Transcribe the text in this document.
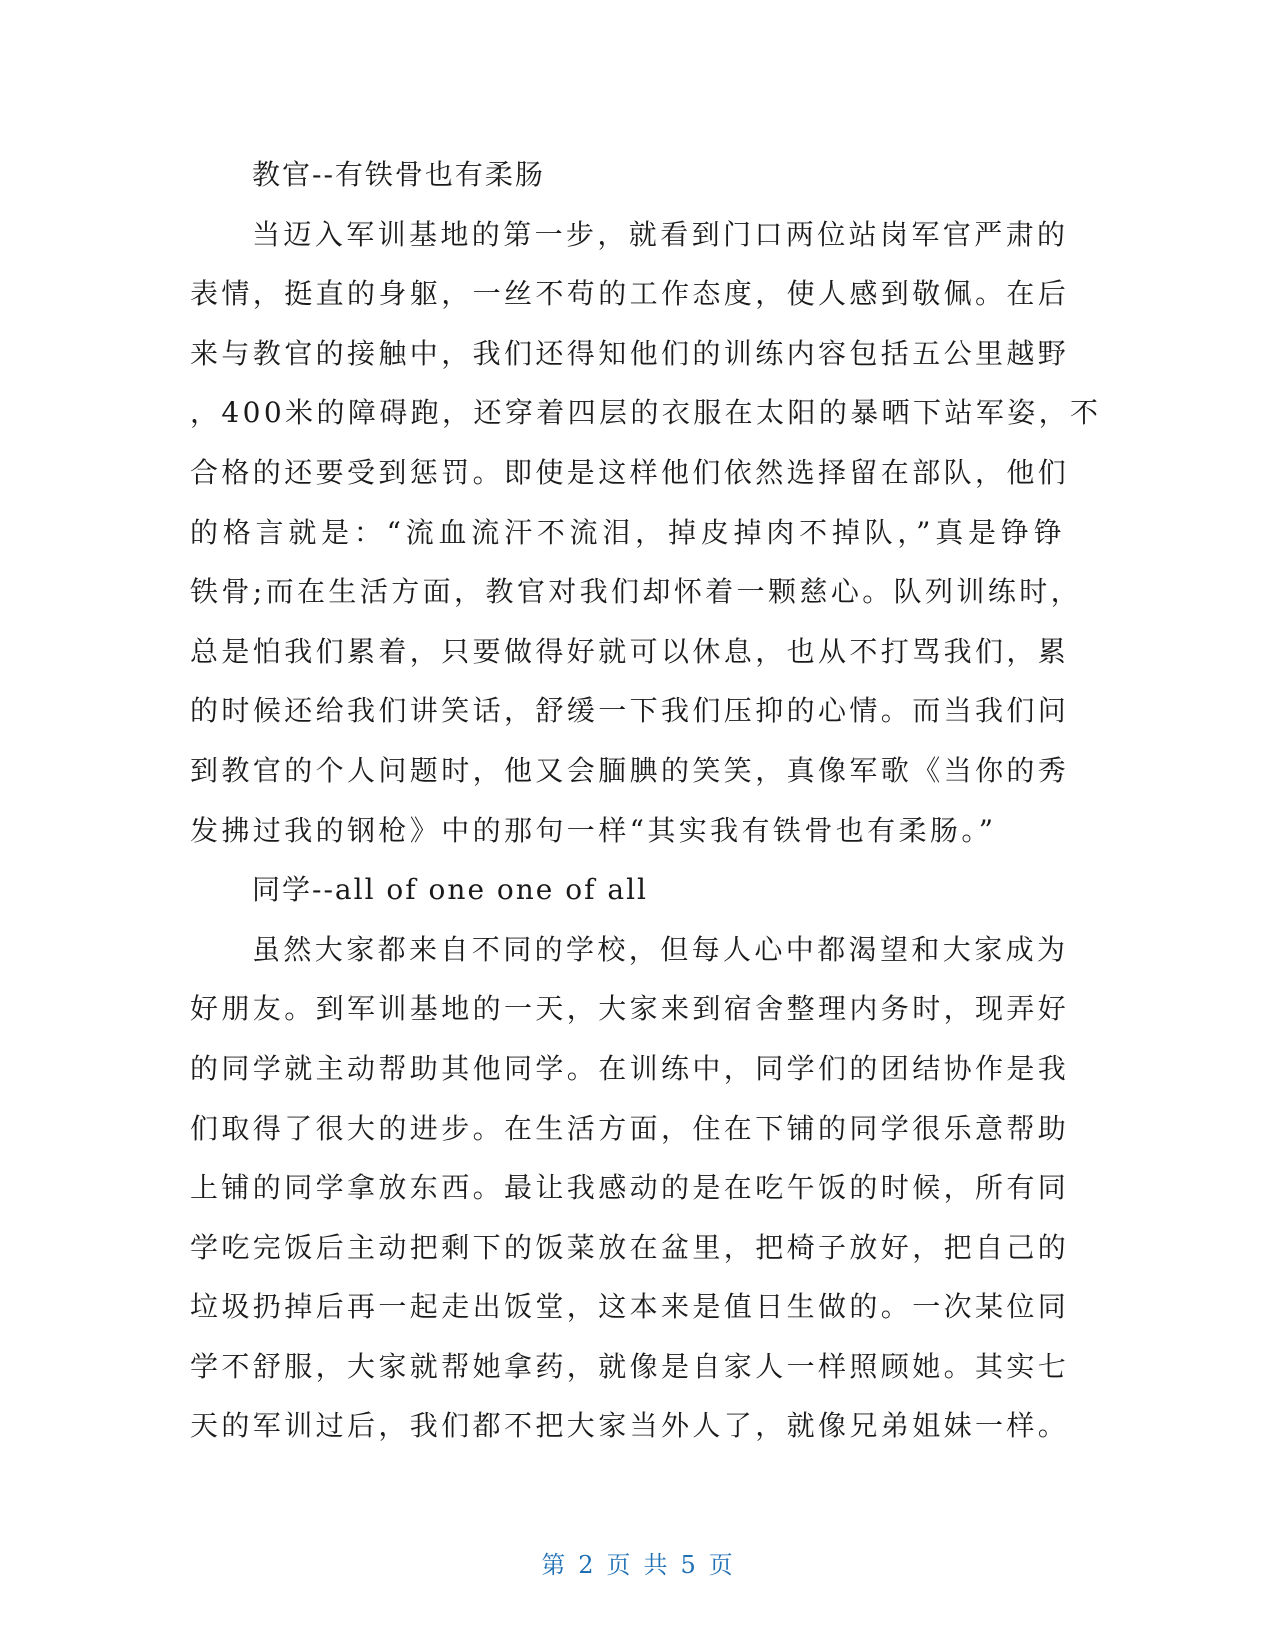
教官--有铁骨也有柔肠
当迈入军训基地的第一步，就看到门口两位站岗军官严肃的
表情，挺直的身躯，一丝不苟的工作态度，使人感到敬佩。在后
来与教官的接触中，我们还得知他们的训练内容包括五公里越野
，400米的障碍跑，还穿着四层的衣服在太阳的暴晒下站军姿，不
合格的还要受到惩罚。即使是这样他们依然选择留在部队，他们
的格言就是：“流血流汗不流泪，掉皮掉肉不掉队，”真是铮铮
铁骨;而在生活方面，教官对我们却怀着一颗慈心。队列训练时，
总是怕我们累着，只要做得好就可以休息，也从不打骂我们，累
的时候还给我们讲笑话，舒缓一下我们压抑的心情。而当我们问
到教官的个人问题时，他又会腼腆的笑笑，真像军歌《当你的秀
发拂过我的钢枪》中的那句一样“其实我有铁骨也有柔肠。”
同学--all of one one of all
虽然大家都来自不同的学校，但每人心中都渴望和大家成为
好朋友。到军训基地的一天，大家来到宿舍整理内务时，现弄好
的同学就主动帮助其他同学。在训练中，同学们的团结协作是我
们取得了很大的进步。在生活方面，住在下铺的同学很乐意帮助
上铺的同学拿放东西。最让我感动的是在吃午饭的时候，所有同
学吃完饭后主动把剩下的饭菜放在盆里，把椅子放好，把自己的
垃圾扔掉后再一起走出饭堂，这本来是值日生做的。一次某位同
学不舒服，大家就帮她拿药，就像是自家人一样照顾她。其实七
天的军训过后，我们都不把大家当外人了，就像兄弟姐妹一样。
第 2 页 共 5 页
